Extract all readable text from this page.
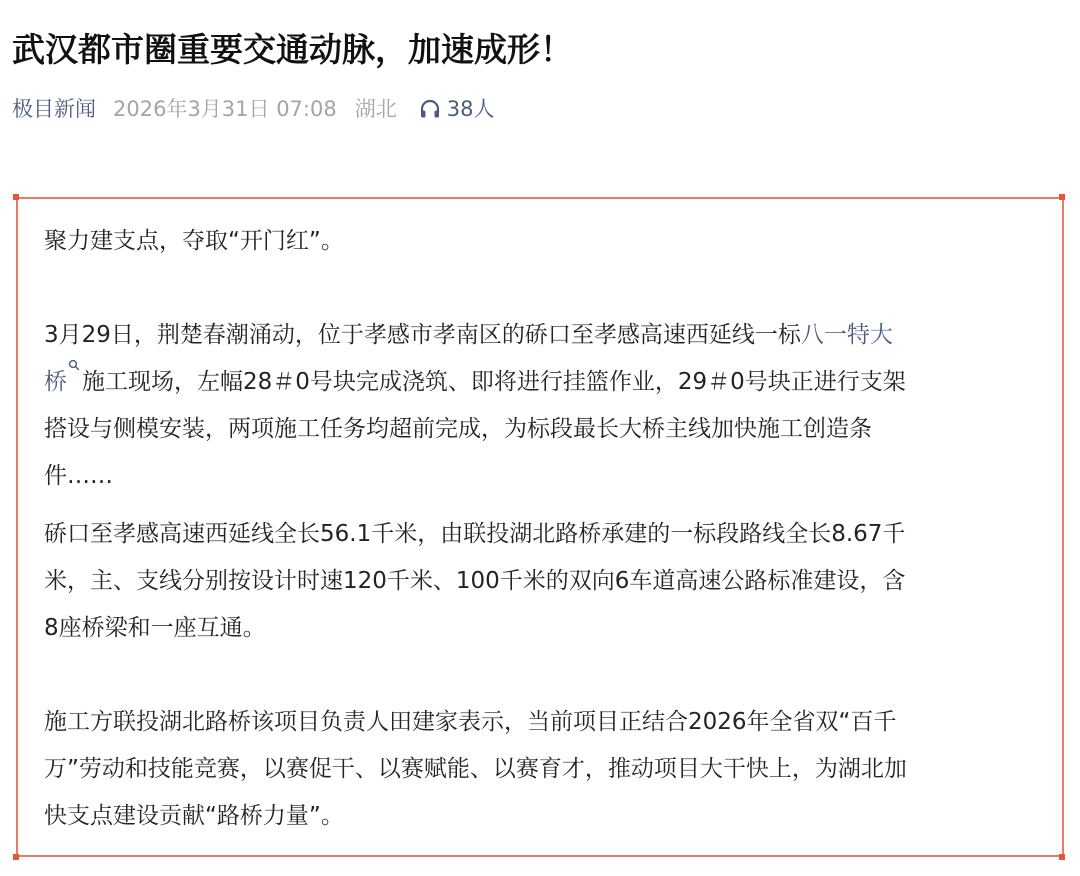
武汉都市圈重要交通动脉，加速成形！
极目新闻 2026年3月31日 07:08 湖北 38人

聚力建支点，夺取“开门红”。

3月29日，荆楚春潮涌动，位于孝感市孝南区的硚口至孝感高速西延线一标八一特大
桥 施工现场，左幅28＃0号块完成浇筑、即将进行挂篮作业，29＃0号块正进行支架
搭设与侧模安装，两项施工任务均超前完成，为标段最长大桥主线加快施工创造条
件……

硚口至孝感高速西延线全长56.1千米，由联投湖北路桥承建的一标段路线全长8.67千
米，主、支线分别按设计时速120千米、100千米的双向6车道高速公路标准建设，含
8座桥梁和一座互通。

施工方联投湖北路桥该项目负责人田建家表示，当前项目正结合2026年全省双“百千
万”劳动和技能竞赛，以赛促干、以赛赋能、以赛育才，推动项目大干快上，为湖北加
快支点建设贡献“路桥力量”。
